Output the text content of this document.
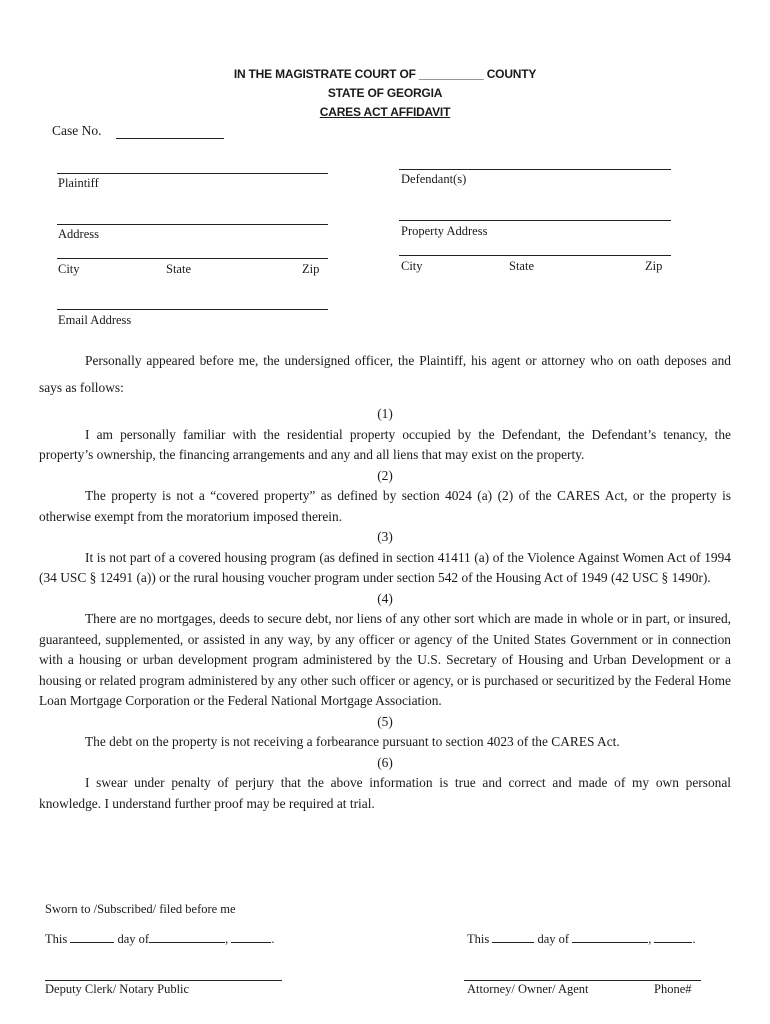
IN THE MAGISTRATE COURT OF __________ COUNTY
STATE OF GEORGIA
CARES ACT AFFIDAVIT
Case No.
Plaintiff
Address
City	State	Zip
Email Address
Defendant(s)
Property Address
City	State	Zip

Personally appeared before me, the undersigned officer, the Plaintiff, his agent or attorney who on oath deposes and says as follows:

(1)

I am personally familiar with the residential property occupied by the Defendant, the Defendant’s tenancy, the property’s ownership, the financing arrangements and any and all liens that may exist on the property.

(2)

The property is not a “covered property” as defined by section 4024 (a) (2) of the CARES Act, or the property is otherwise exempt from the moratorium imposed therein.

(3)

It is not part of a covered housing program (as defined in section 41411 (a) of the Violence Against Women Act of 1994 (34 USC § 12491 (a)) or the rural housing voucher program under section 542 of the Housing Act of 1949 (42 USC § 1490r).

(4)

There are no mortgages, deeds to secure debt, nor liens of any other sort which are made in whole or in part, or insured, guaranteed, supplemented, or assisted in any way, by any officer or agency of the United States Government or in connection with a housing or urban development program administered by the U.S. Secretary of Housing and Urban Development or a housing or related program administered by any other such officer or agency, or is purchased or securitized by the Federal Home Loan Mortgage Corporation or the Federal National Mortgage Association.

(5)

The debt on the property is not receiving a forbearance pursuant to section 4023 of the CARES Act.

(6)

I swear under penalty of perjury that the above information is true and correct and made of my own personal knowledge. I understand further proof may be required at trial.

Sworn to /Subscribed/ filed before me
This	day of	,	.	This	day of	,	.
Deputy Clerk/ Notary Public	Attorney/ Owner/ Agent	Phone#
